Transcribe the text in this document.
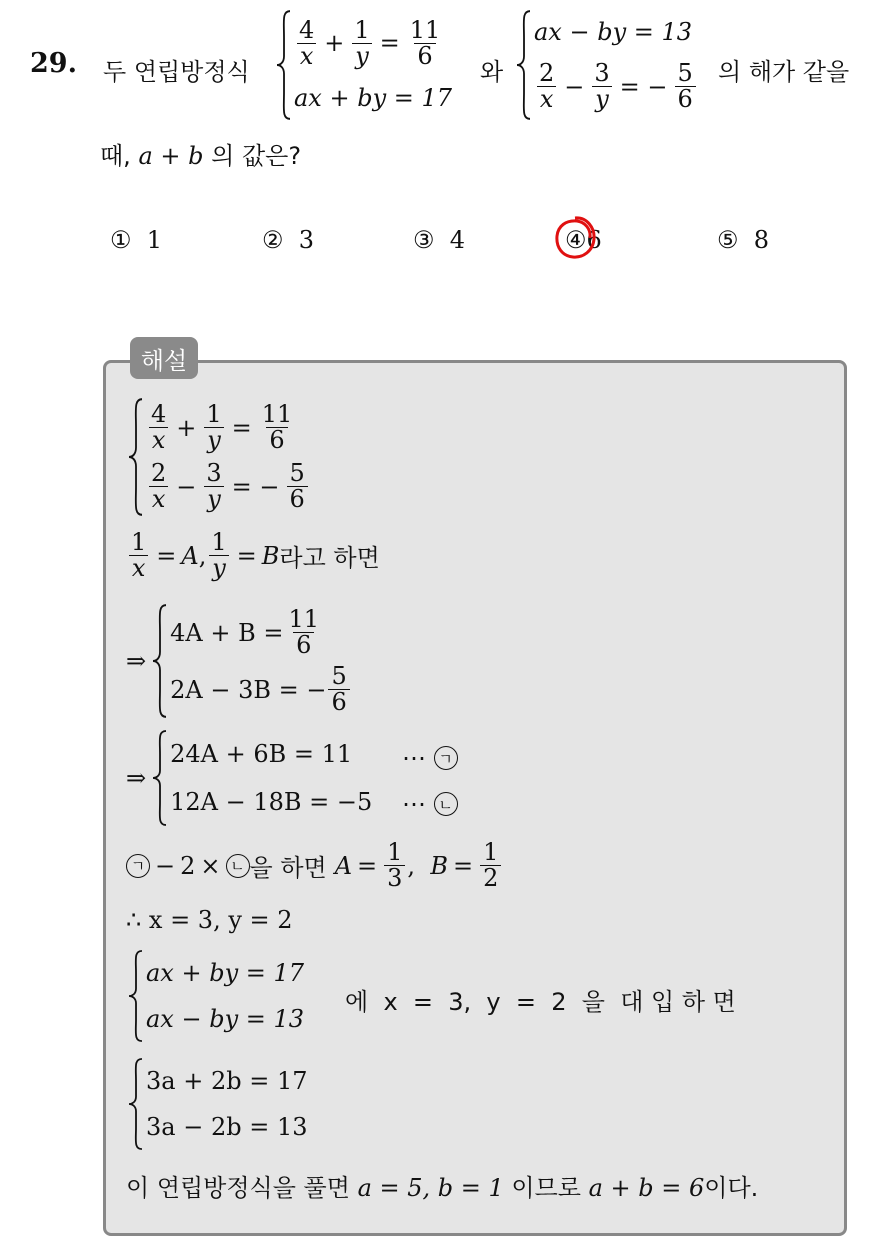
29. 두 연립방정식
$\frac{4}{x} + \frac{1}{y} = \frac{11}{6}$
ax + by = 17
와
ax − by = 13
$\frac{2}{x} - \frac{3}{y}$ = − $\frac{5}{6}$ 의 해가 같을
때, a + b 의 값은?
① 1	② 3	③ 4	④6	⑤ 8
해설
$\frac{4}{x} + \frac{1}{y} = \frac{11}{6}$
$\frac{2}{x} - \frac{3}{y}$ = − $\frac{5}{6}$
$\frac{1}{x} = A$ , $\frac{1}{y} = B$ 라고 하면
⇒
$4A + B = \frac{11}{6}$
2A − 3B = − $\frac{5}{6}$
⇒
24A + 6B = 11
12A − 18B = −5
⋯
ㄱ
⋯
ㄴ
ㄱ − 2 × ㄴ 을 하면 $A = \frac{1}{3}$ , $B = \frac{1}{2}$
∴ x = 3, y = 2
ax + by = 17
ax − by = 13
에  x  =  3,  y  =  2  을  대 입 하 면
3a + 2b = 17
3a − 2b = 13
이 연립방정식을 풀면 a = 5, b = 1 이므로 a + b = 6이다.
